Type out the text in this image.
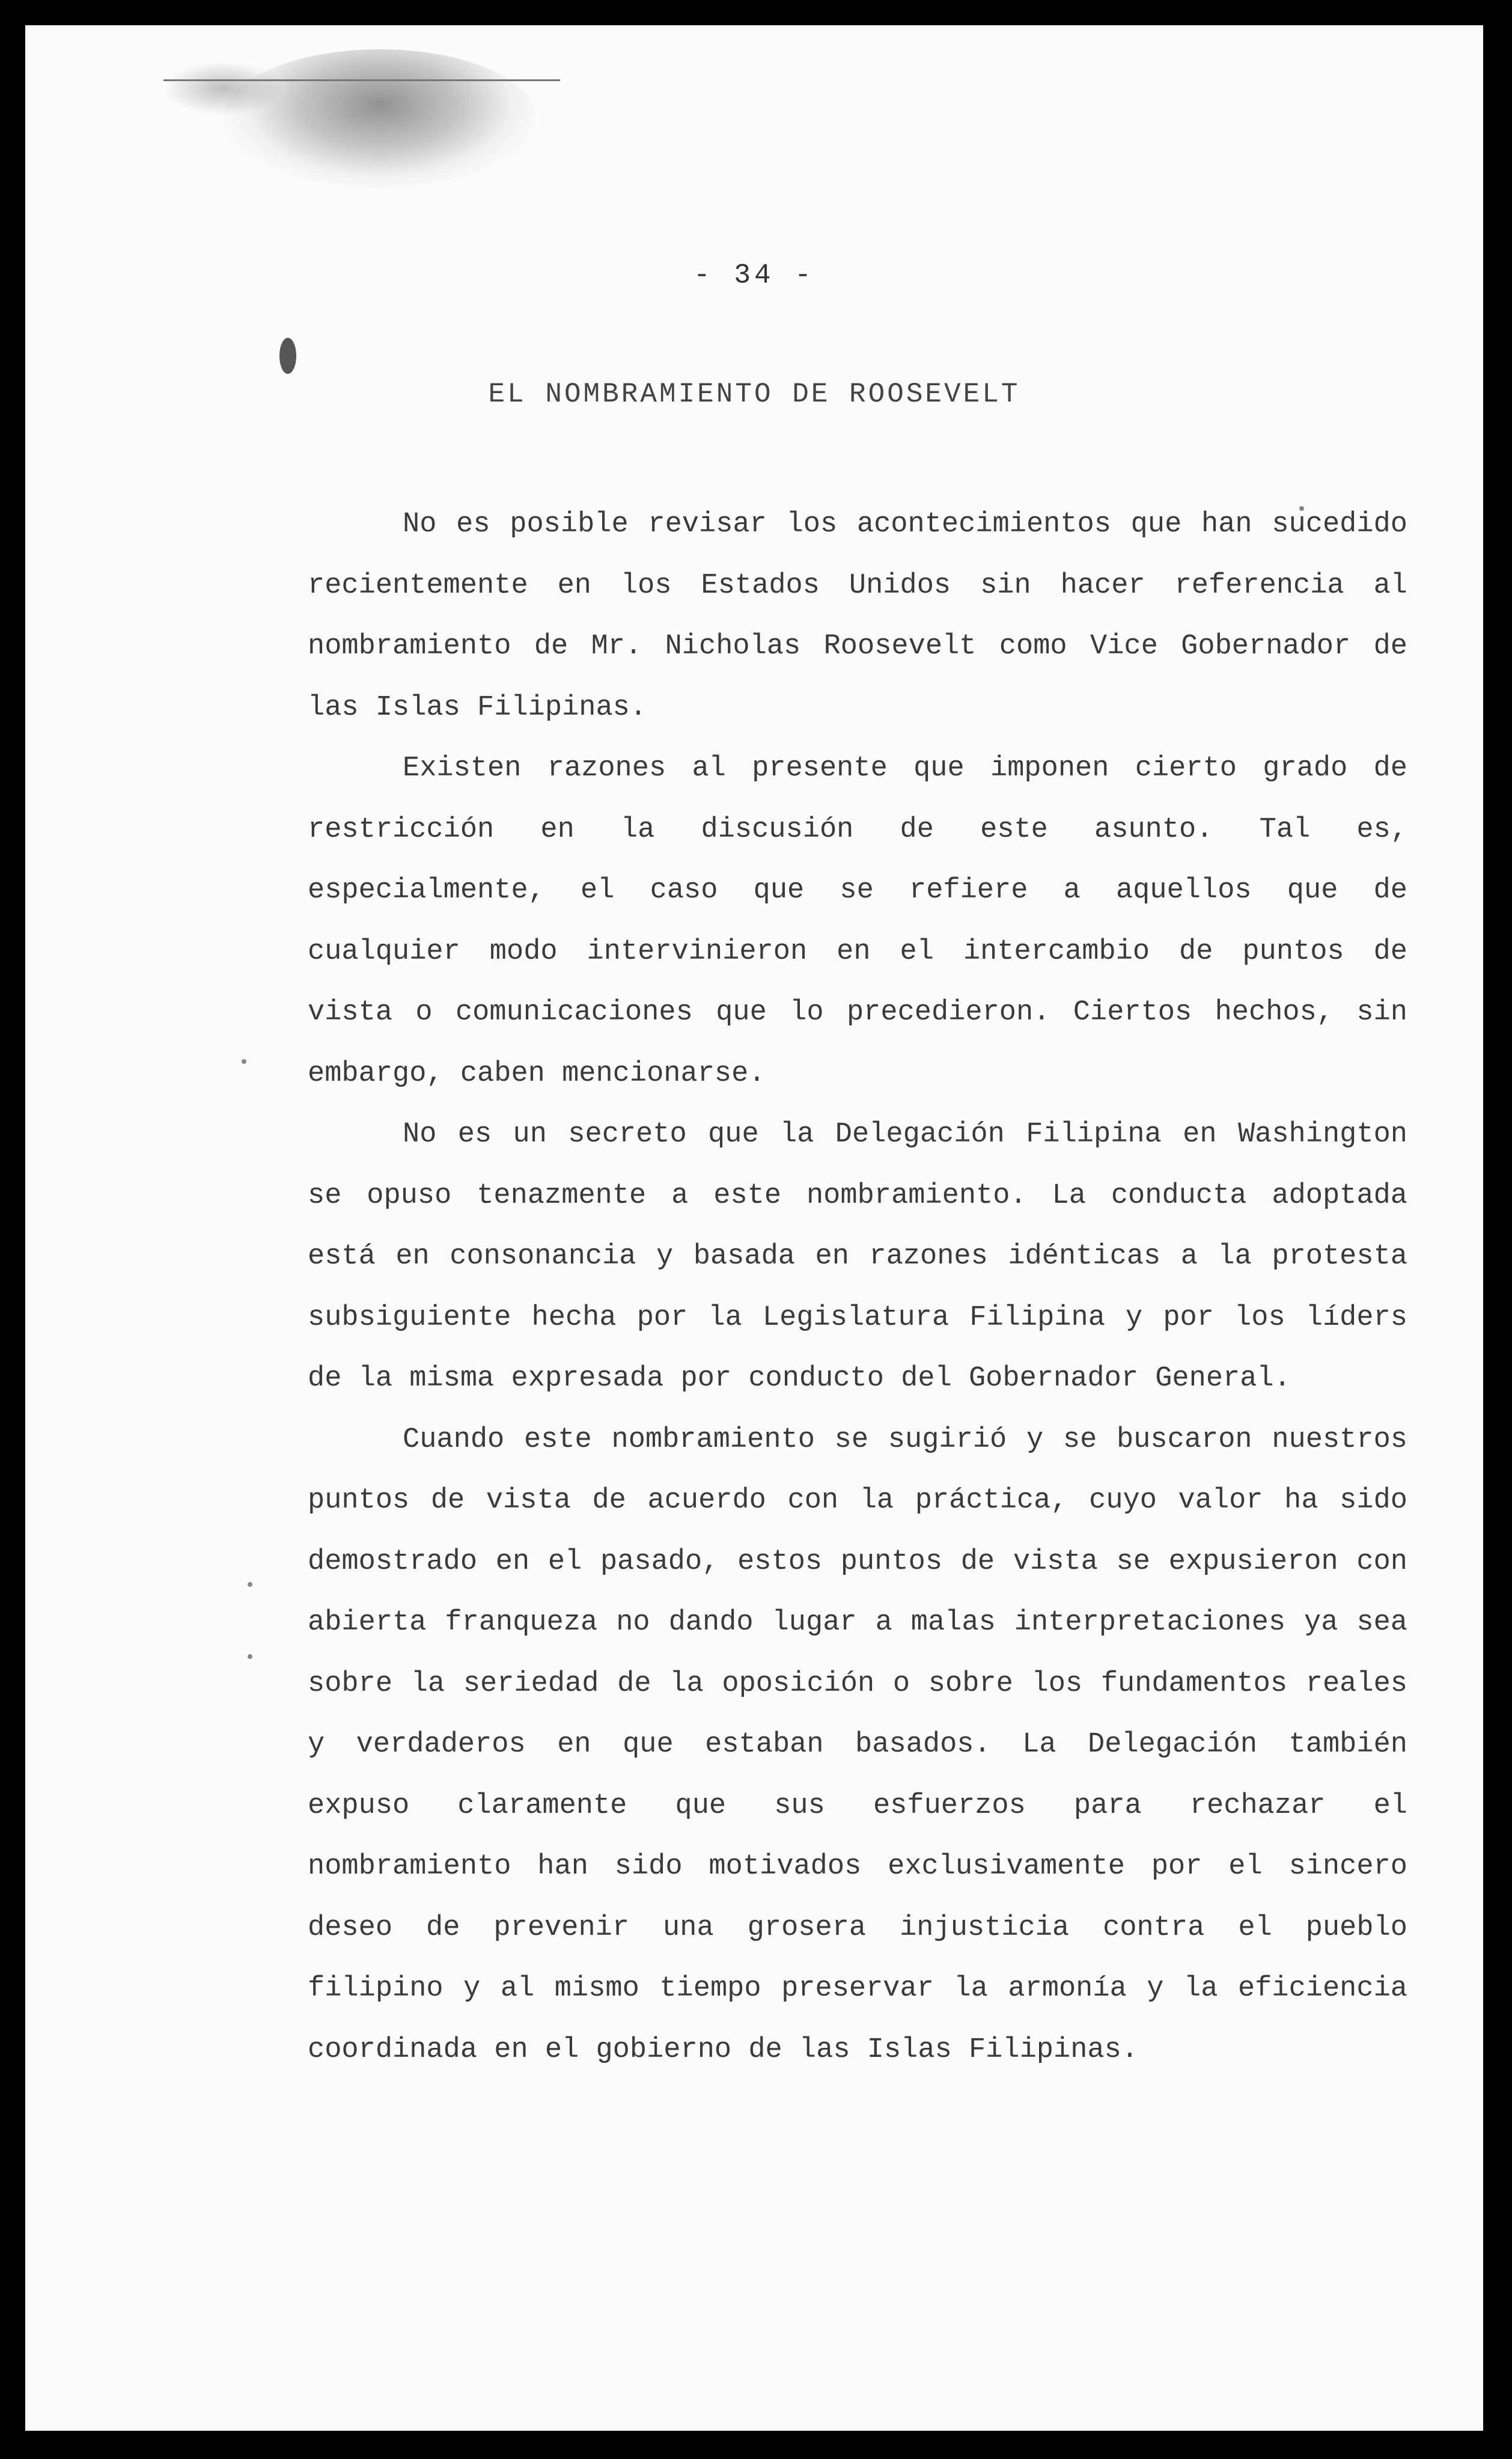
- 34 -
EL NOMBRAMIENTO DE ROOSEVELT

No es posible revisar los acontecimientos que han sucedido recientemente en los Estados Unidos sin hacer referencia al nombramiento de Mr. Nicholas Roosevelt como Vice Gobernador de las Islas Filipinas.

Existen razones al presente que imponen cierto grado de restricción en la discusión de este asunto. Tal es, especialmente, el caso que se refiere a aquellos que de cualquier modo intervinieron en el intercambio de puntos de vista o comunicaciones que lo precedieron. Ciertos hechos, sin embargo, caben mencionarse.

No es un secreto que la Delegación Filipina en Washington se opuso tenazmente a este nombramiento. La conducta adoptada está en consonancia y basada en razones idénticas a la protesta subsiguiente hecha por la Legislatura Filipina y por los líders de la misma expresada por conducto del Gobernador General.

Cuando este nombramiento se sugirió y se buscaron nuestros puntos de vista de acuerdo con la práctica, cuyo valor ha sido demostrado en el pasado, estos puntos de vista se expusieron con abierta franqueza no dando lugar a malas interpretaciones ya sea sobre la seriedad de la oposición o sobre los fundamentos reales y verdaderos en que estaban basados. La Delegación también expuso claramente que sus esfuerzos para rechazar el nombramiento han sido motivados exclusivamente por el sincero deseo de prevenir una grosera injusticia contra el pueblo filipino y al mismo tiempo preservar la armonía y la eficiencia coordinada en el gobierno de las Islas Filipinas.
